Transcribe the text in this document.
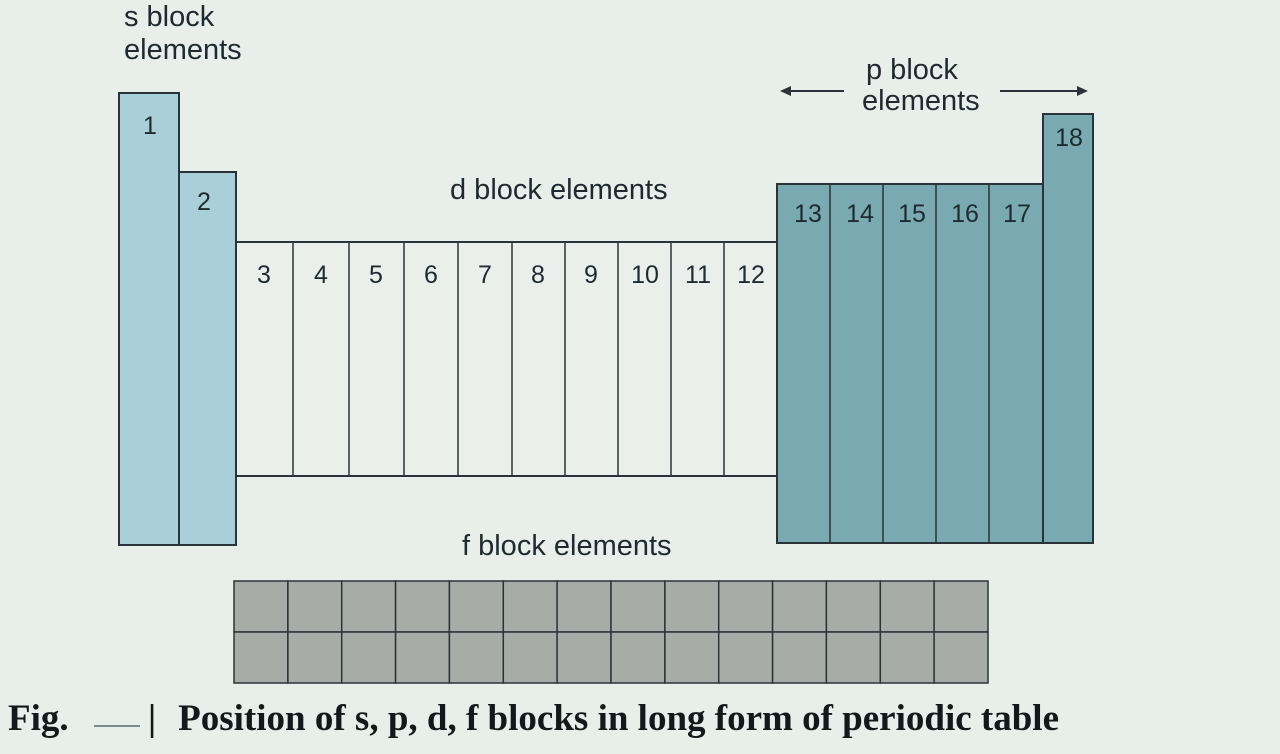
s block
elements
p block
elements
d block elements
1
2
3 4 5 6 7 8 9 10 11 12
13 14 15 16 17
18
f block elements
Fig. | Position of s, p, d, f blocks in long form of periodic table
